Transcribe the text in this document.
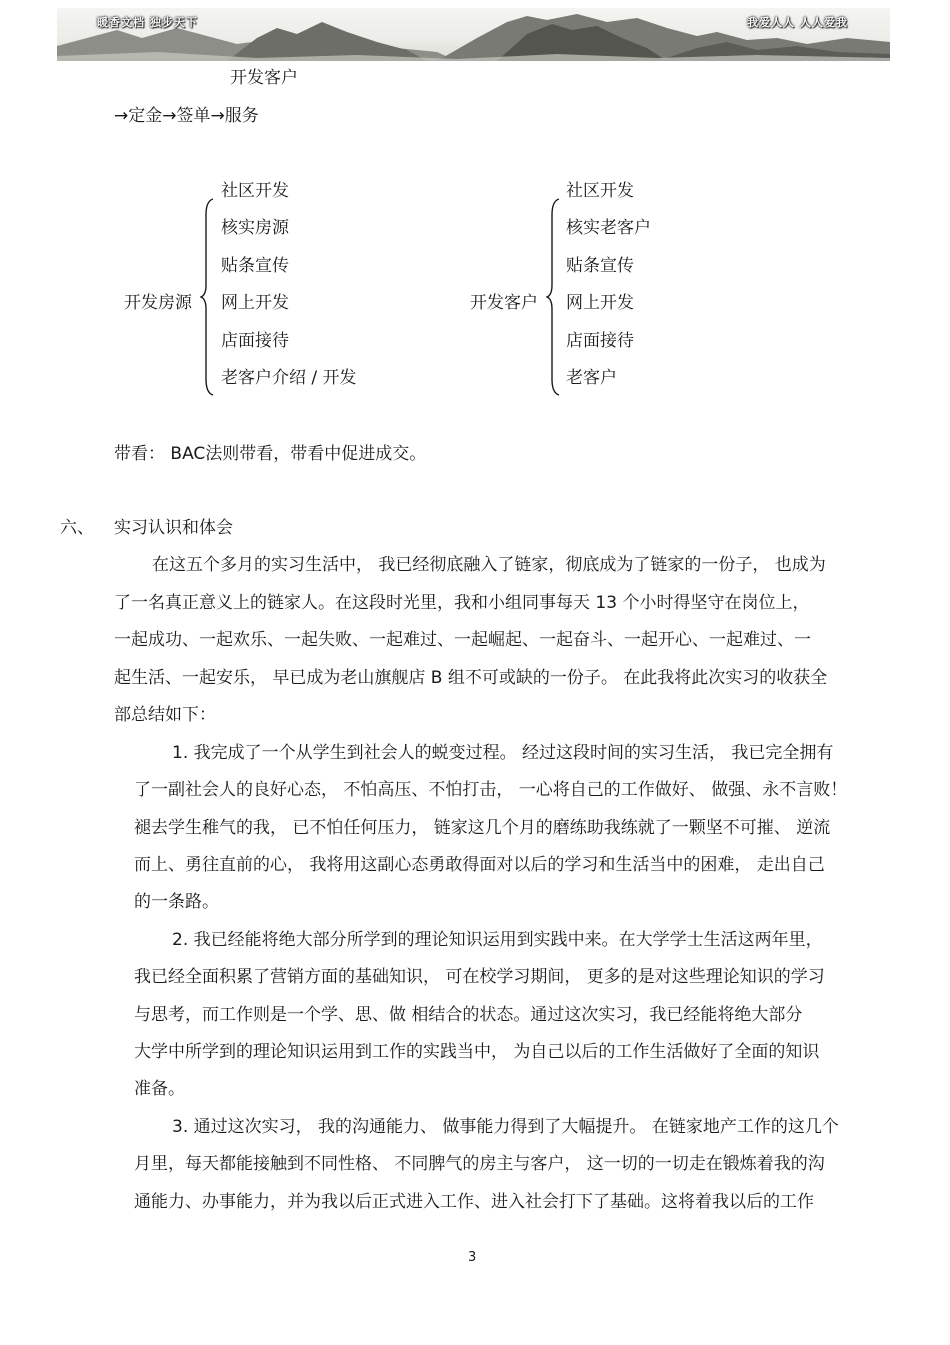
暖香文档 独步天下	我爱人人 人人爱我
开发客户
→定金→签单→服务
开发房源
社区开发
核实房源
贴条宣传
网上开发
店面接待
老客户介绍 / 开发
开发客户
社区开发
核实老客户
贴条宣传
网上开发
店面接待
老客户
带看： BAC法则带看，带看中促进成交。
六、 实习认识和体会
在这五个多月的实习生活中， 我已经彻底融入了链家，彻底成为了链家的一份子， 也成为
了一名真正意义上的链家人。在这段时光里，我和小组同事每天 13 个小时得坚守在岗位上，
一起成功、一起欢乐、一起失败、一起难过、一起崛起、一起奋斗、一起开心、一起难过、一
起生活、一起安乐， 早已成为老山旗舰店 B 组不可或缺的一份子。 在此我将此次实习的收获全
部总结如下：
1. 我完成了一个从学生到社会人的蜕变过程。 经过这段时间的实习生活， 我已完全拥有
了一副社会人的良好心态， 不怕高压、不怕打击， 一心将自己的工作做好、 做强、永不言败！
褪去学生稚气的我， 已不怕任何压力， 链家这几个月的磨练助我练就了一颗坚不可摧、 逆流
而上、勇往直前的心， 我将用这副心态勇敢得面对以后的学习和生活当中的困难， 走出自己
的一条路。
2. 我已经能将绝大部分所学到的理论知识运用到实践中来。在大学学士生活这两年里，
我已经全面积累了营销方面的基础知识， 可在校学习期间， 更多的是对这些理论知识的学习
与思考，而工作则是一个学、思、做 相结合的状态。通过这次实习，我已经能将绝大部分
大学中所学到的理论知识运用到工作的实践当中， 为自己以后的工作生活做好了全面的知识
准备。
3. 通过这次实习， 我的沟通能力、 做事能力得到了大幅提升。 在链家地产工作的这几个
月里，每天都能接触到不同性格、 不同脾气的房主与客户， 这一切的一切走在锻炼着我的沟
通能力、办事能力，并为我以后正式进入工作、进入社会打下了基础。这将着我以后的工作
3
